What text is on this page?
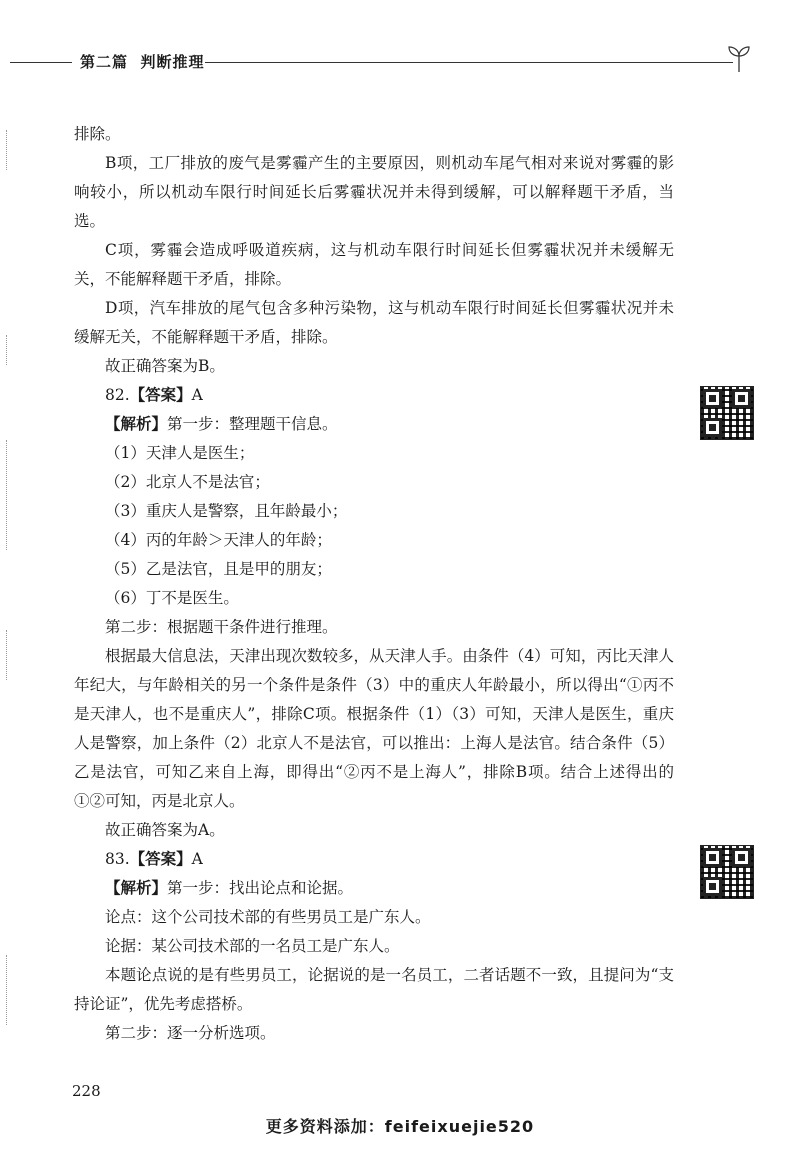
第二篇 判断推理

排除。

B项，工厂排放的废气是雾霾产生的主要原因，则机动车尾气相对来说对雾霾的影响较小，所以机动车限行时间延长后雾霾状况并未得到缓解，可以解释题干矛盾，当选。

C项，雾霾会造成呼吸道疾病，这与机动车限行时间延长但雾霾状况并未缓解无关，不能解释题干矛盾，排除。

D项，汽车排放的尾气包含多种污染物，这与机动车限行时间延长但雾霾状况并未缓解无关，不能解释题干矛盾，排除。

故正确答案为B。

82.【答案】A

【解析】第一步：整理题干信息。

（1）天津人是医生；

（2）北京人不是法官；

（3）重庆人是警察，且年龄最小；

（4）丙的年龄＞天津人的年龄；

（5）乙是法官，且是甲的朋友；

（6）丁不是医生。

第二步：根据题干条件进行推理。

根据最大信息法，天津出现次数较多，从天津人手。由条件（4）可知，丙比天津人年纪大，与年龄相关的另一个条件是条件（3）中的重庆人年龄最小，所以得出“①丙不是天津人，也不是重庆人”，排除C项。根据条件（1）（3）可知，天津人是医生，重庆人是警察，加上条件（2）北京人不是法官，可以推出：上海人是法官。结合条件（5）乙是法官，可知乙来自上海，即得出“②丙不是上海人”，排除B项。结合上述得出的①②可知，丙是北京人。

故正确答案为A。

83.【答案】A

【解析】第一步：找出论点和论据。

论点：这个公司技术部的有些男员工是广东人。

论据：某公司技术部的一名员工是广东人。

本题论点说的是有些男员工，论据说的是一名员工，二者话题不一致，且提问为“支持论证”，优先考虑搭桥。

第二步：逐一分析选项。

228
更多资料添加：feifeixuejie520
